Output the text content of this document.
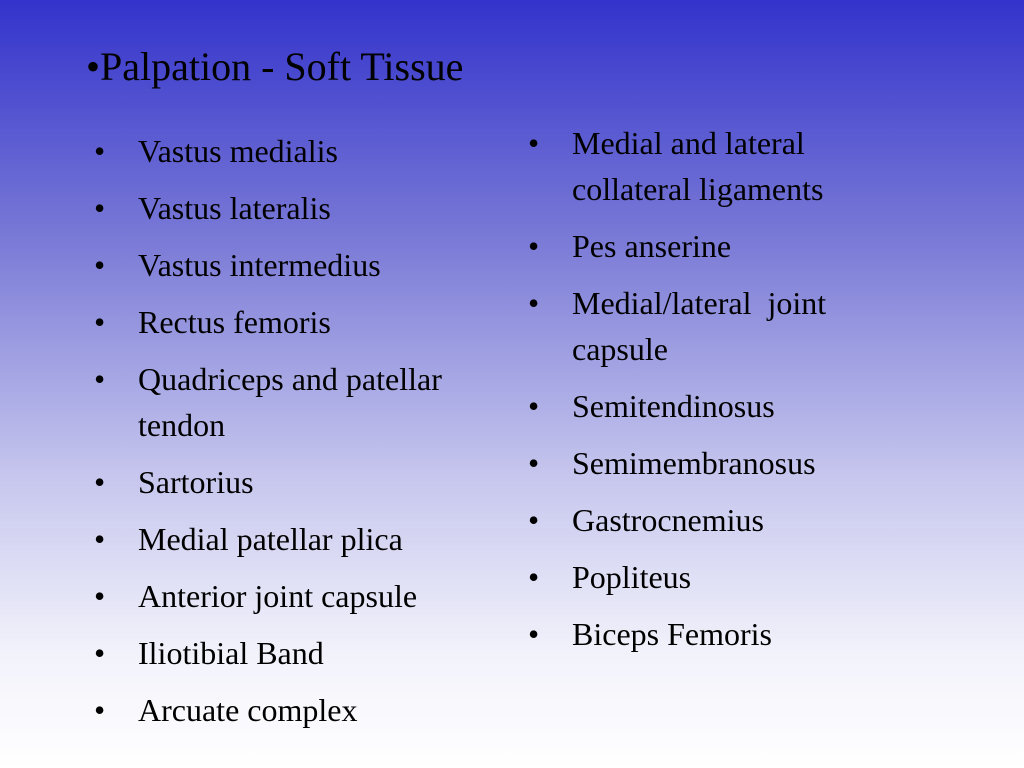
•Palpation - Soft Tissue
•	Vastus medialis
•	Vastus lateralis
•	Vastus intermedius
•	Rectus femoris
•	Quadriceps and patellar tendon
•	Sartorius
•	Medial patellar plica
•	Anterior joint capsule
•	Iliotibial Band
•	Arcuate complex
•	Medial and lateral collateral ligaments
•	Pes anserine
•	Medial/lateral  joint capsule
•	Semitendinosus
•	Semimembranosus
•	Gastrocnemius
•	Popliteus
•	Biceps Femoris
